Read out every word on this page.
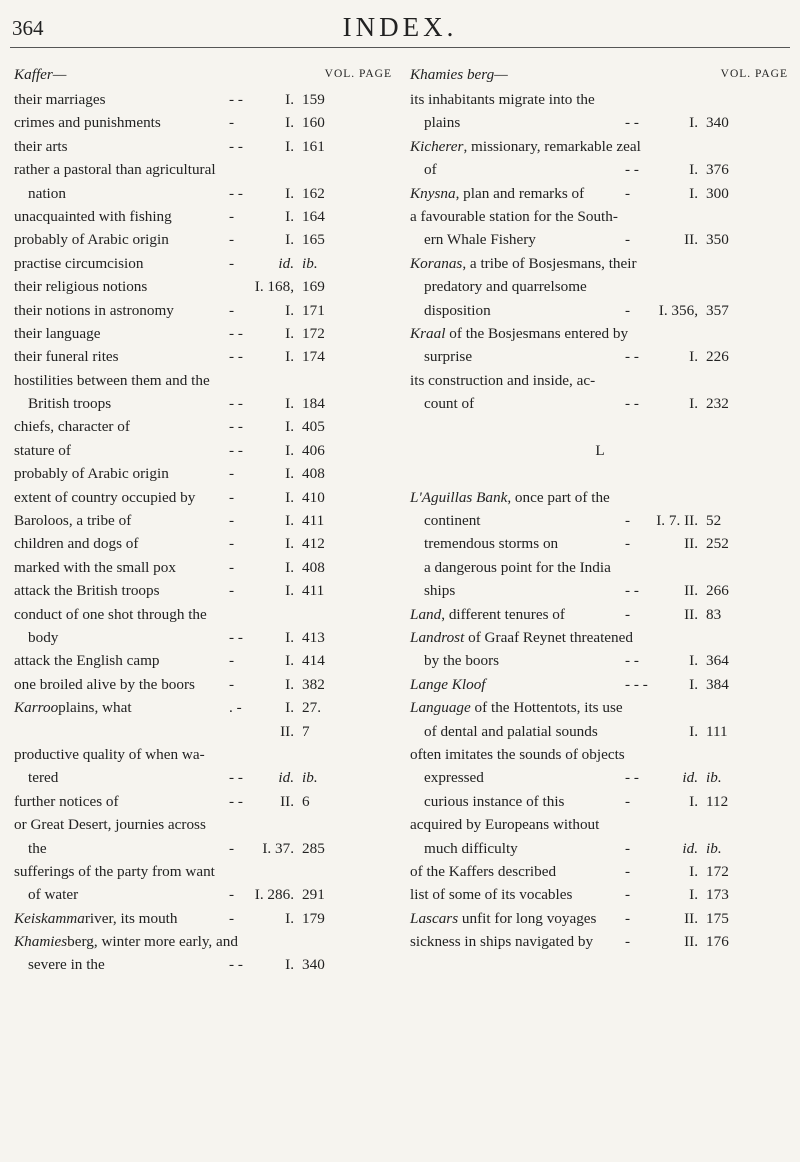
364	INDEX.
Kaffer—	VOL. PAGE
their marriages	- -	I. 159
crimes and punishments	-	I. 160
their arts	- -	I. 161
rather a pastoral than agricultural
nation	- -	I. 162
unacquainted with fishing	-	I. 164
probably of Arabic origin	-	I. 165
practise circumcision	-	id. ib.
their religious notions	I. 168, 169
their notions in astronomy	-	I. 171
their language	- -	I. 172
their funeral rites	- -	I. 174
hostilities between them and the
British troops	- -	I. 184
chiefs, character of	- -	I. 405
stature of	- -	I. 406
probably of Arabic origin	-	I. 408
extent of country occupied by -	I. 410
Baroloos, a tribe of	-	I. 411
children and dogs of	-	I. 412
marked with the small pox	-	I. 408
attack the British troops	-	I. 411
conduct of one shot through the
body	- -	I. 413
attack the English camp	-	I. 414
one broiled alive by the boors -	I. 382
Karrooplains, what	. -	I. 27.
II. 7
productive quality of when wa-
tered	- - id. ib.
further notices of	- - II. 6
or Great Desert, journies across
the	- I. 37. 285
sufferings of the party from want
of water	- I. 286. 291
Keiskammariver, its mouth	-	I. 179
Khamiesberg, winter more early, and
severe in the	- -	I. 340
Khamies berg—	VOL. PAGE
its inhabitants migrate into the
plains	- -	I. 340
Kicherer, missionary, remarkable zeal
of	- -	I. 376
Knysna, plan and remarks of	-	I. 300
a favourable station for the South-
ern Whale Fishery	-	II. 350
Koranas, a tribe of Bosjesmans, their
predatory and quarrelsome
disposition	- I. 356, 357
Kraal of the Bosjesmans entered by
surprise	- -	I. 226
its construction and inside, ac-
count of	- -	I. 232
L
L'Aguillas Bank, once part of the
continent	- I. 7. II. 52
tremendous storms on	-	II. 252
a dangerous point for the India
ships	- -	II. 266
Land, different tenures of	-	II. 83
Landrost of Graaf Reynet threatened
by the boors	- -	I. 364
Lange Kloof	- - -	I. 384
Language of the Hottentots, its use
of dental and palatial sounds	I. 111
often imitates the sounds of objects
expressed	- -	id. ib.
curious instance of this	-	I. 112
acquired by Europeans without
much difficulty	-	id. ib.
of the Kaffers described	-	I. 172
list of some of its vocables	-	I. 173
Lascars unfit for long voyages -	II. 175
sickness in ships navigated by -	II. 176
